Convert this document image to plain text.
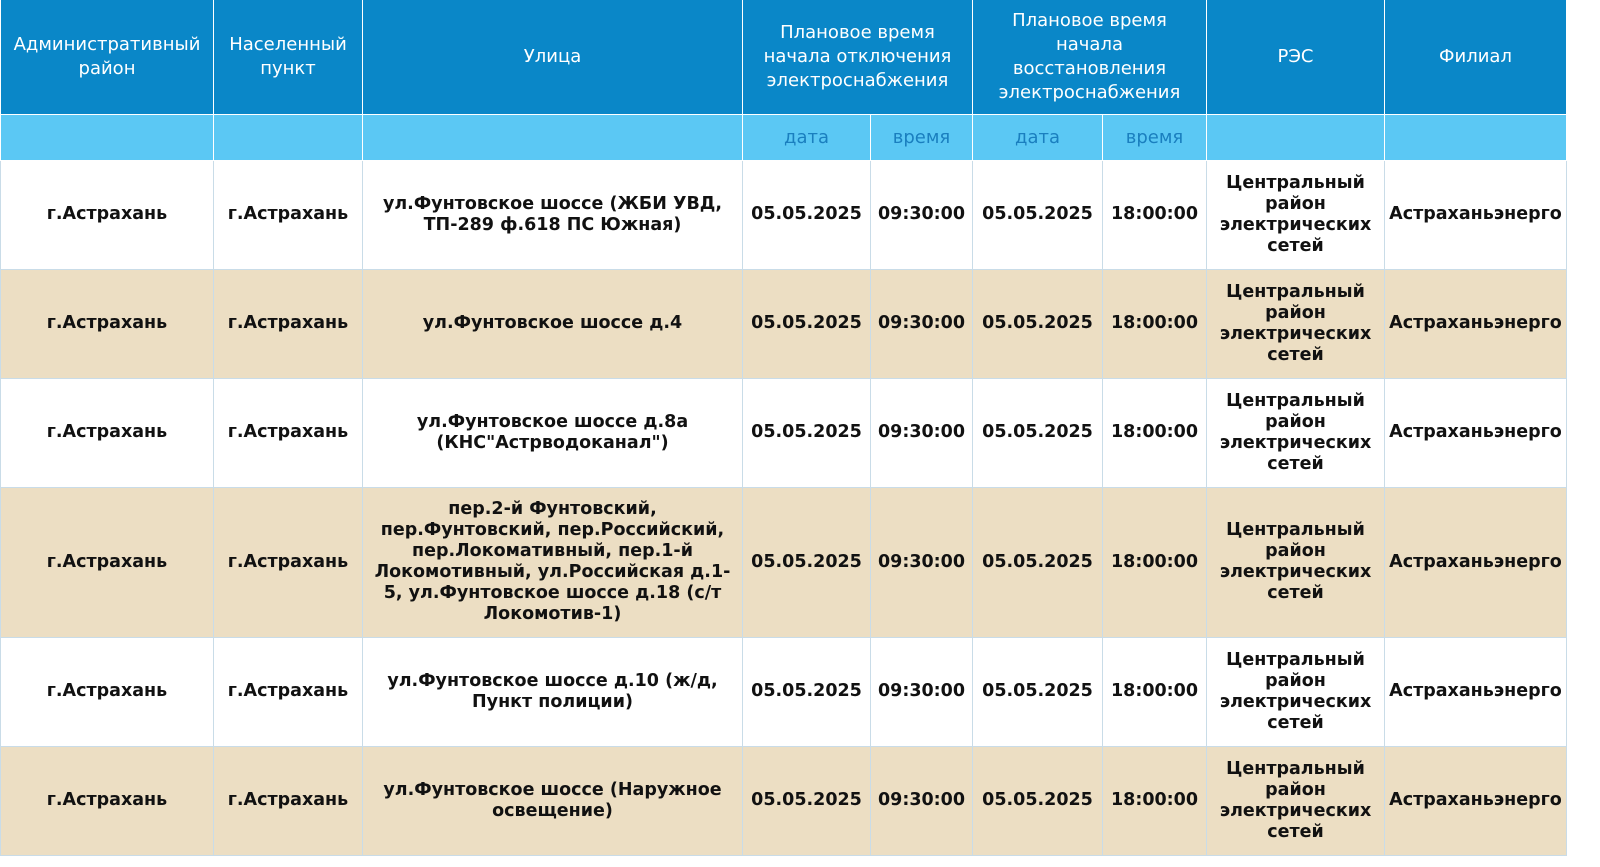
Административный район	Населенный пункт	Улица	Плановое время начала отключения электроснабжения		Плановое время начала восстановления электроснабжения		РЭС	Филиал
			дата	время	дата	время		
г.Астрахань	г.Астрахань	ул.Фунтовское шоссе (ЖБИ УВД, ТП-289 ф.618 ПС Южная)	05.05.2025	09:30:00	05.05.2025	18:00:00	Центральный район электрических сетей	Астраханьэнерго
г.Астрахань	г.Астрахань	ул.Фунтовское шоссе д.4	05.05.2025	09:30:00	05.05.2025	18:00:00	Центральный район электрических сетей	Астраханьэнерго
г.Астрахань	г.Астрахань	ул.Фунтовское шоссе д.8а (КНС"Астрводоканал")	05.05.2025	09:30:00	05.05.2025	18:00:00	Центральный район электрических сетей	Астраханьэнерго
г.Астрахань	г.Астрахань	пер.2-й Фунтовский, пер.Фунтовский, пер.Российский, пер.Локомативный, пер.1-й Локомотивный, ул.Российская д.1-5, ул.Фунтовское шоссе д.18 (с/т Локомотив-1)	05.05.2025	09:30:00	05.05.2025	18:00:00	Центральный район электрических сетей	Астраханьэнерго
г.Астрахань	г.Астрахань	ул.Фунтовское шоссе д.10 (ж/д, Пункт полиции)	05.05.2025	09:30:00	05.05.2025	18:00:00	Центральный район электрических сетей	Астраханьэнерго
г.Астрахань	г.Астрахань	ул.Фунтовское шоссе (Наружное освещение)	05.05.2025	09:30:00	05.05.2025	18:00:00	Центральный район электрических сетей	Астраханьэнерго
